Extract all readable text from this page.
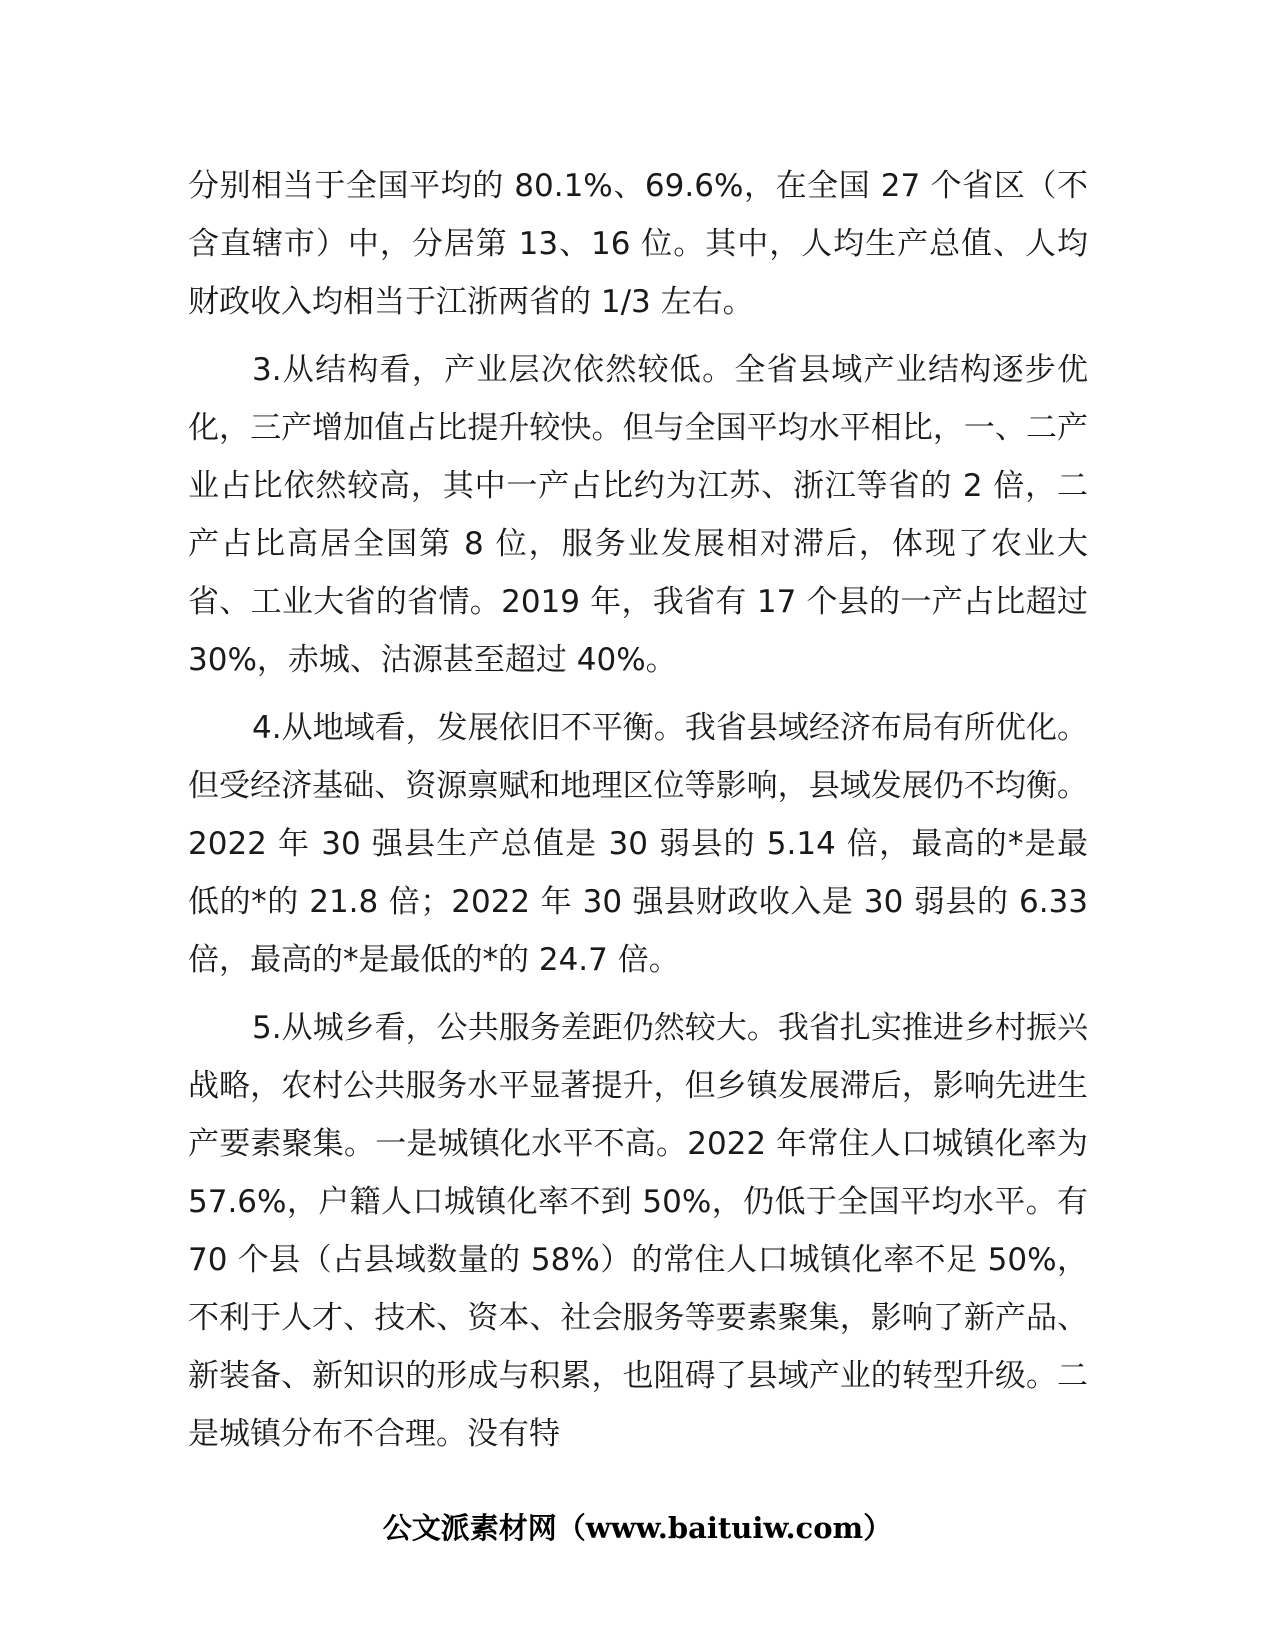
分别相当于全国平均的 80.1%、69.6%，在全国 27 个省区（不含直辖市）中，分居第 13、16 位。其中，人均生产总值、人均财政收入均相当于江浙两省的 1/3 左右。

3.从结构看，产业层次依然较低。全省县域产业结构逐步优化，三产增加值占比提升较快。但与全国平均水平相比，一、二产业占比依然较高，其中一产占比约为江苏、浙江等省的 2 倍，二产占比高居全国第 8 位，服务业发展相对滞后，体现了农业大省、工业大省的省情。2019 年，我省有 17 个县的一产占比超过 30%，赤城、沽源甚至超过 40%。

4.从地域看，发展依旧不平衡。我省县域经济布局有所优化。但受经济基础、资源禀赋和地理区位等影响，县域发展仍不均衡。2022 年 30 强县生产总值是 30 弱县的 5.14 倍，最高的*是最低的*的 21.8 倍；2022 年 30 强县财政收入是 30 弱县的 6.33 倍，最高的*是最低的*的 24.7 倍。

5.从城乡看，公共服务差距仍然较大。我省扎实推进乡村振兴战略，农村公共服务水平显著提升，但乡镇发展滞后，影响先进生产要素聚集。一是城镇化水平不高。2022 年常住人口城镇化率为 57.6%，户籍人口城镇化率不到 50%，仍低于全国平均水平。有 70 个县（占县域数量的 58%）的常住人口城镇化率不足 50%，不利于人才、技术、资本、社会服务等要素聚集，影响了新产品、新装备、新知识的形成与积累，也阻碍了县域产业的转型升级。二是城镇分布不合理。没有特

公文派素材网（www.baituiw.com）
